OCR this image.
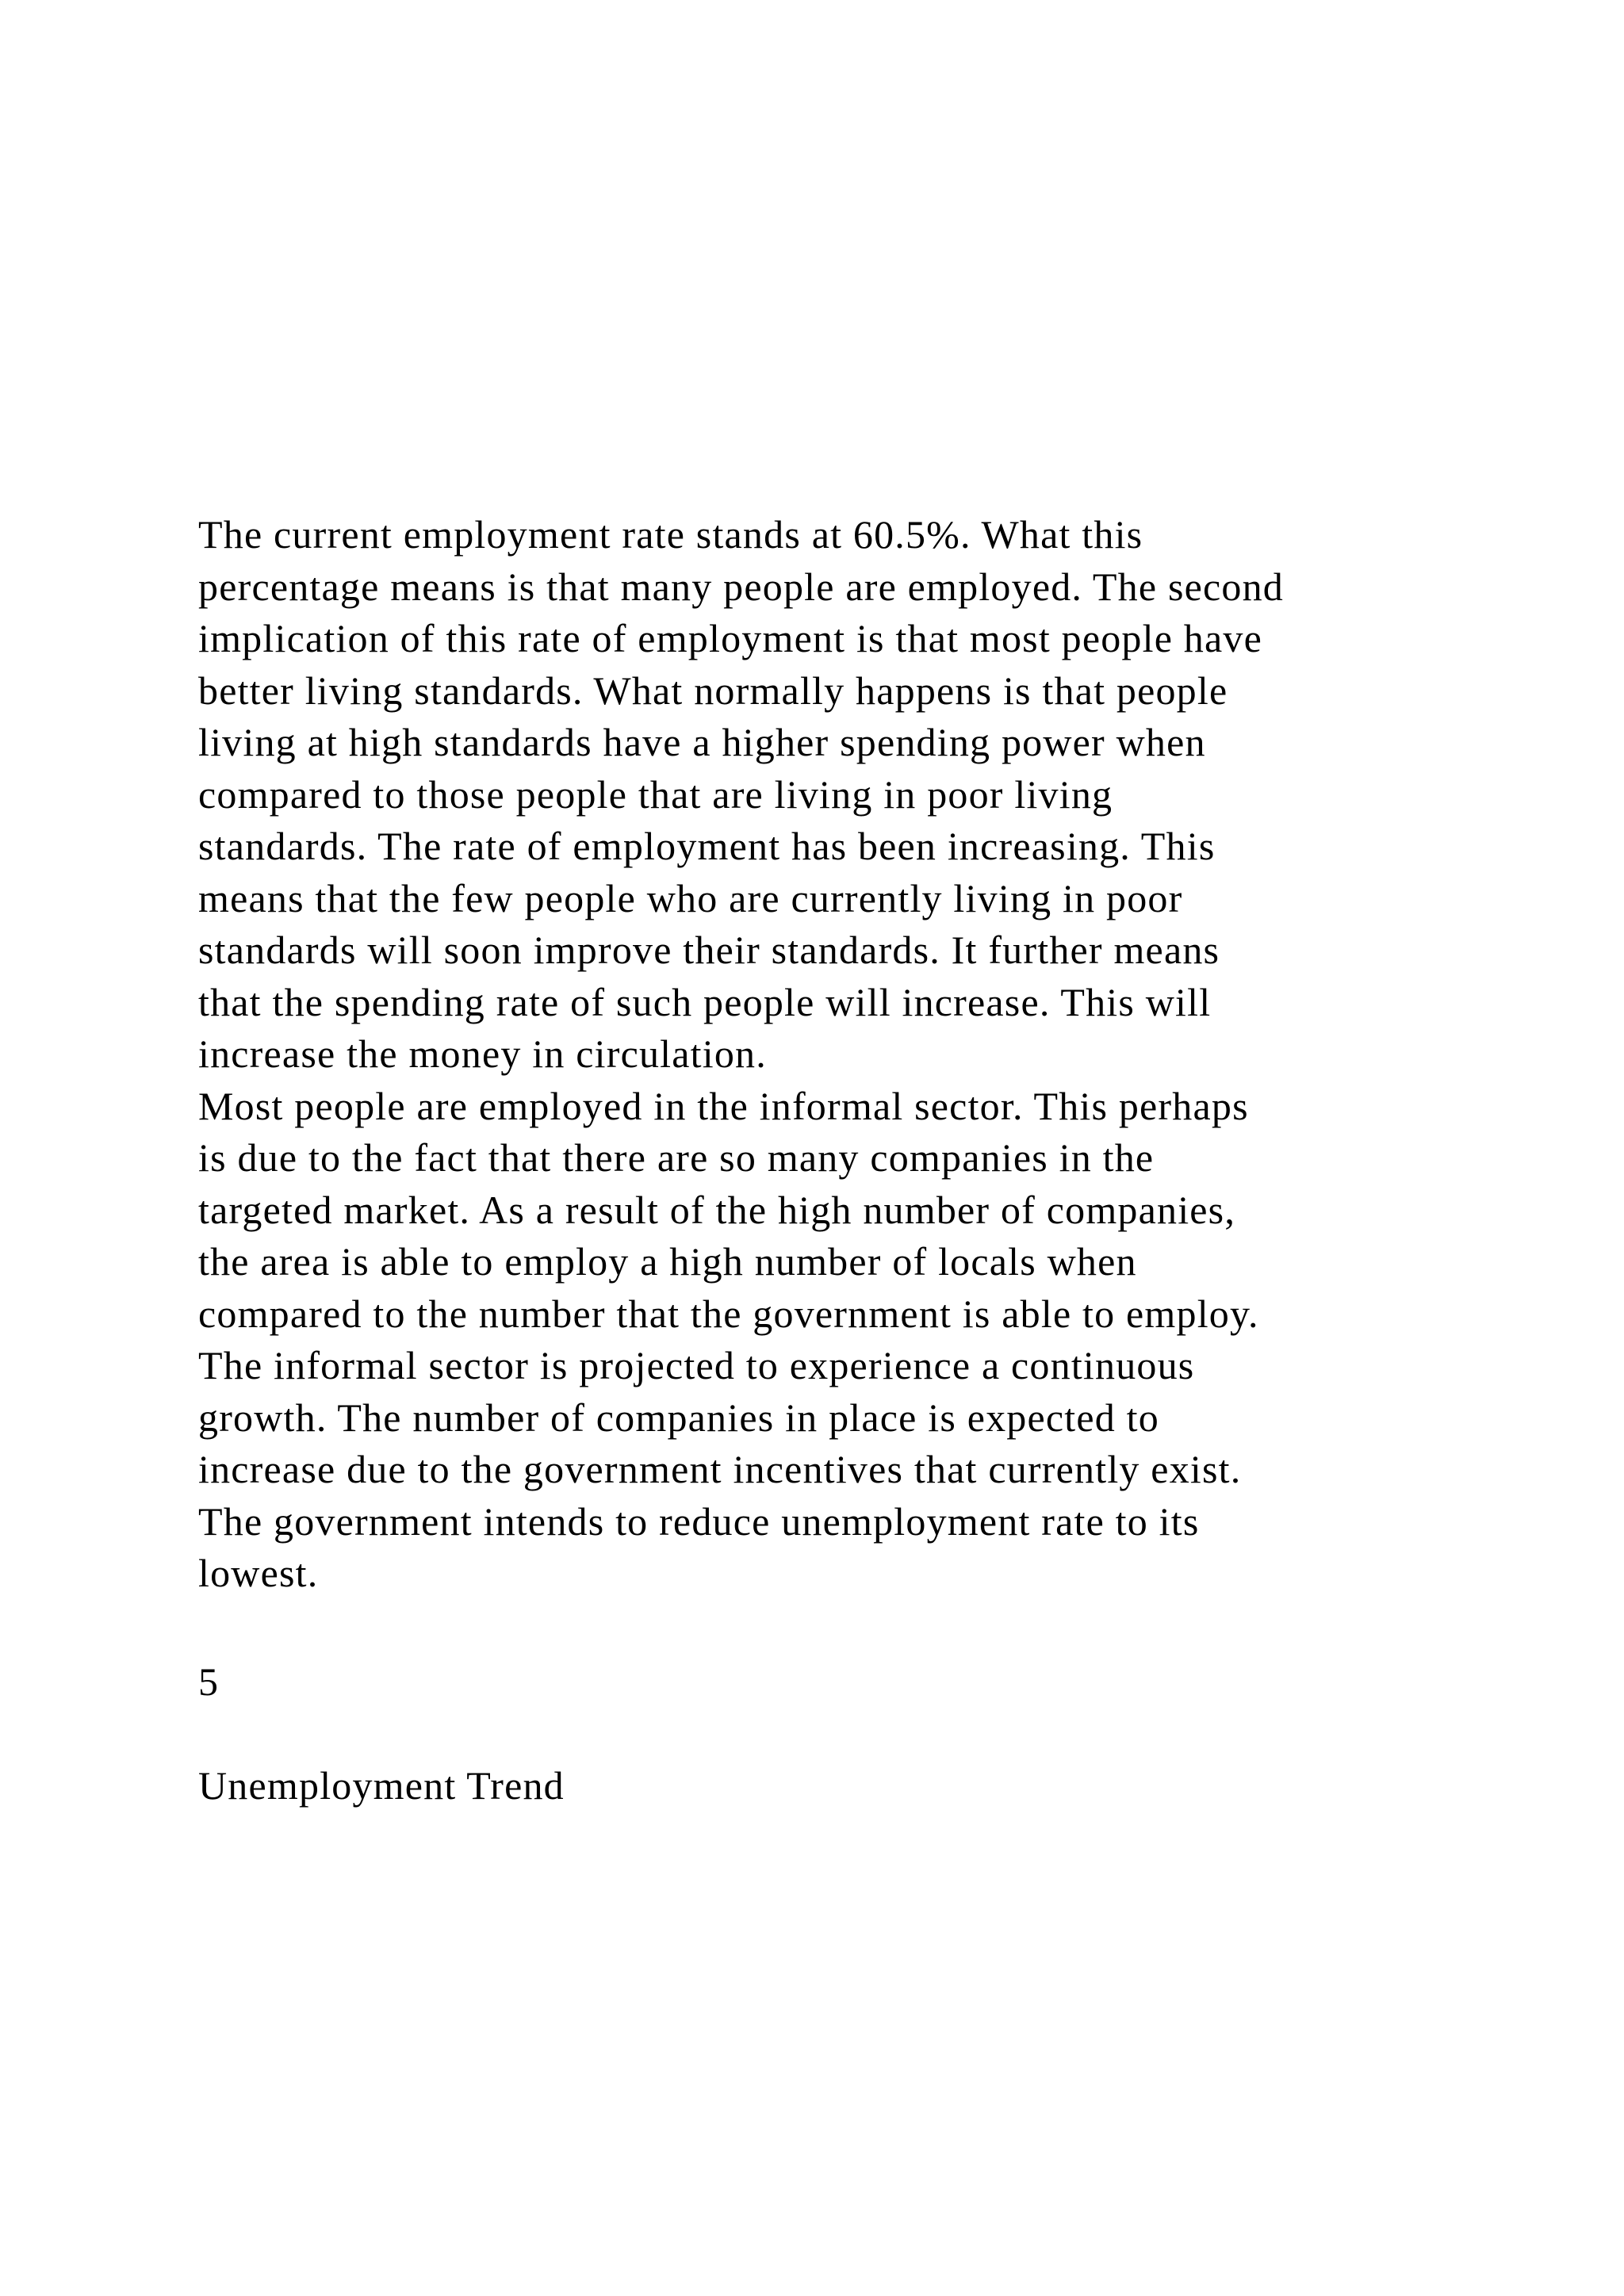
The current employment rate stands at 60.5%. What this
percentage means is that many people are employed. The second
implication of this rate of employment is that most people have
better living standards. What normally happens is that people
living at high standards have a higher spending power when
compared to those people that are living in poor living
standards. The rate of employment has been increasing. This
means that the few people who are currently living in poor
standards will soon improve their standards. It further means
that the spending rate of such people will increase. This will
increase the money in circulation.
Most people are employed in the informal sector. This perhaps
is due to the fact that there are so many companies in the
targeted market. As a result of the high number of companies,
the area is able to employ a high number of locals when
compared to the number that the government is able to employ.
The informal sector is projected to experience a continuous
growth. The number of companies in place is expected to
increase due to the government incentives that currently exist.
The government intends to reduce unemployment rate to its
lowest.
5
Unemployment Trend
